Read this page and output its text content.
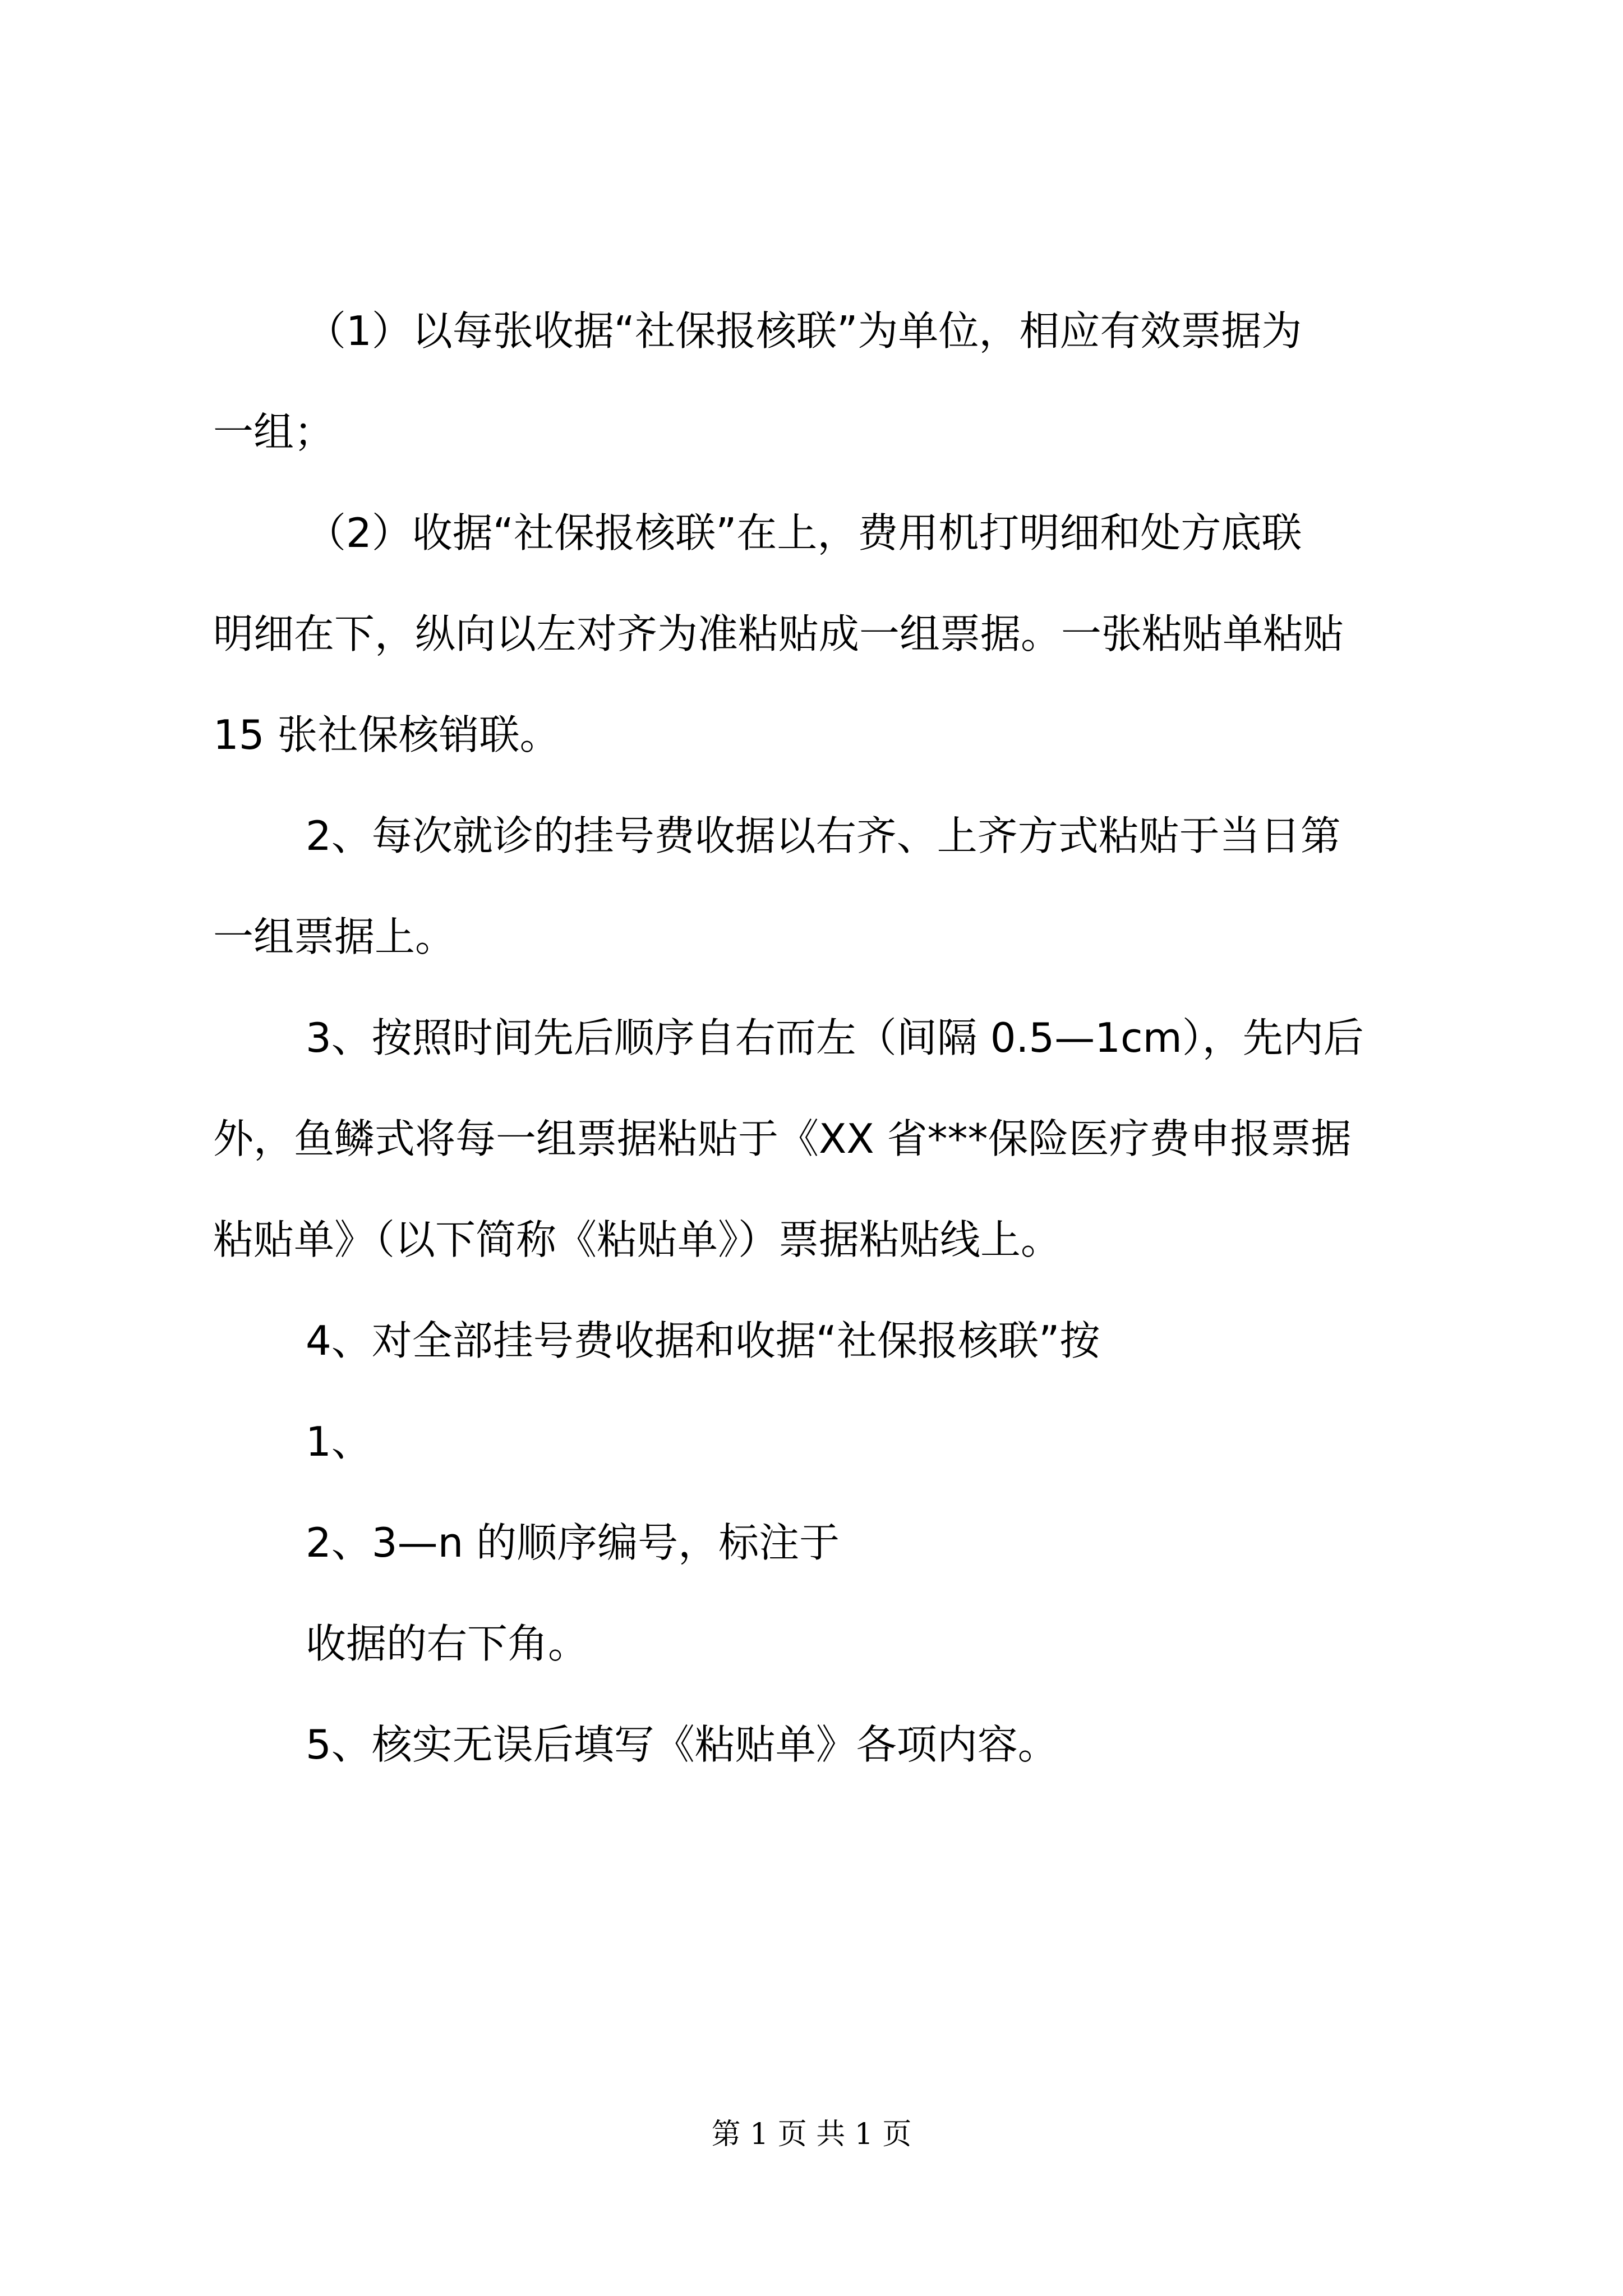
（1）以每张收据“社保报核联”为单位，相应有效票据为
一组；

（2）收据“社保报核联”在上，费用机打明细和处方底联
明细在下，纵向以左对齐为准粘贴成一组票据。一张粘贴单粘贴
15 张社保核销联。

2、每次就诊的挂号费收据以右齐、上齐方式粘贴于当日第
一组票据上。

3、按照时间先后顺序自右而左（间隔 0.5—1cm），先内后
外，鱼鳞式将每一组票据粘贴于《XX 省***保险医疗费申报票据
粘贴单》（以下简称《粘贴单》）票据粘贴线上。

4、对全部挂号费收据和收据“社保报核联”按
1、
2、3—n 的顺序编号，标注于
收据的右下角。

5、核实无误后填写《粘贴单》各项内容。

第 1 页 共 1 页
